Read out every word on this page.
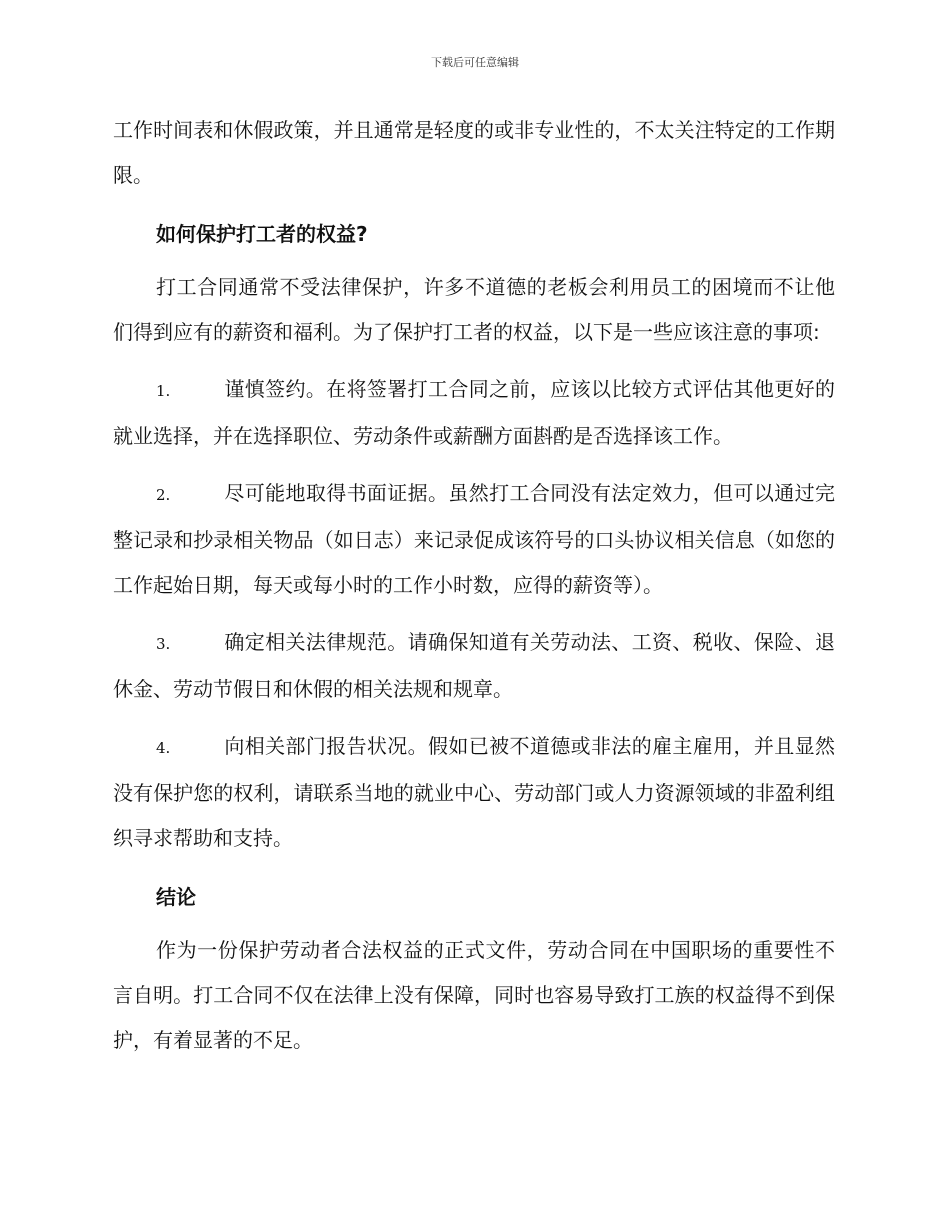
下载后可任意编辑

工作时间表和休假政策，并且通常是轻度的或非专业性的，不太关注特定的工作期限。

如何保护打工者的权益?

打工合同通常不受法律保护，许多不道德的老板会利用员工的困境而不让他们得到应有的薪资和福利。为了保护打工者的权益，以下是一些应该注意的事项:

1.	谨慎签约。在将签署打工合同之前，应该以比较方式评估其他更好的就业选择，并在选择职位、劳动条件或薪酬方面斟酌是否选择该工作。
2.	尽可能地取得书面证据。虽然打工合同没有法定效力，但可以通过完整记录和抄录相关物品（如日志）来记录促成该符号的口头协议相关信息（如您的工作起始日期，每天或每小时的工作小时数，应得的薪资等）。
3.	确定相关法律规范。请确保知道有关劳动法、工资、税收、保险、退休金、劳动节假日和休假的相关法规和规章。
4.	向相关部门报告状况。假如已被不道德或非法的雇主雇用，并且显然没有保护您的权利，请联系当地的就业中心、劳动部门或人力资源领域的非盈利组织寻求帮助和支持。
结论

作为一份保护劳动者合法权益的正式文件，劳动合同在中国职场的重要性不言自明。打工合同不仅在法律上没有保障，同时也容易导致打工族的权益得不到保护，有着显著的不足。
